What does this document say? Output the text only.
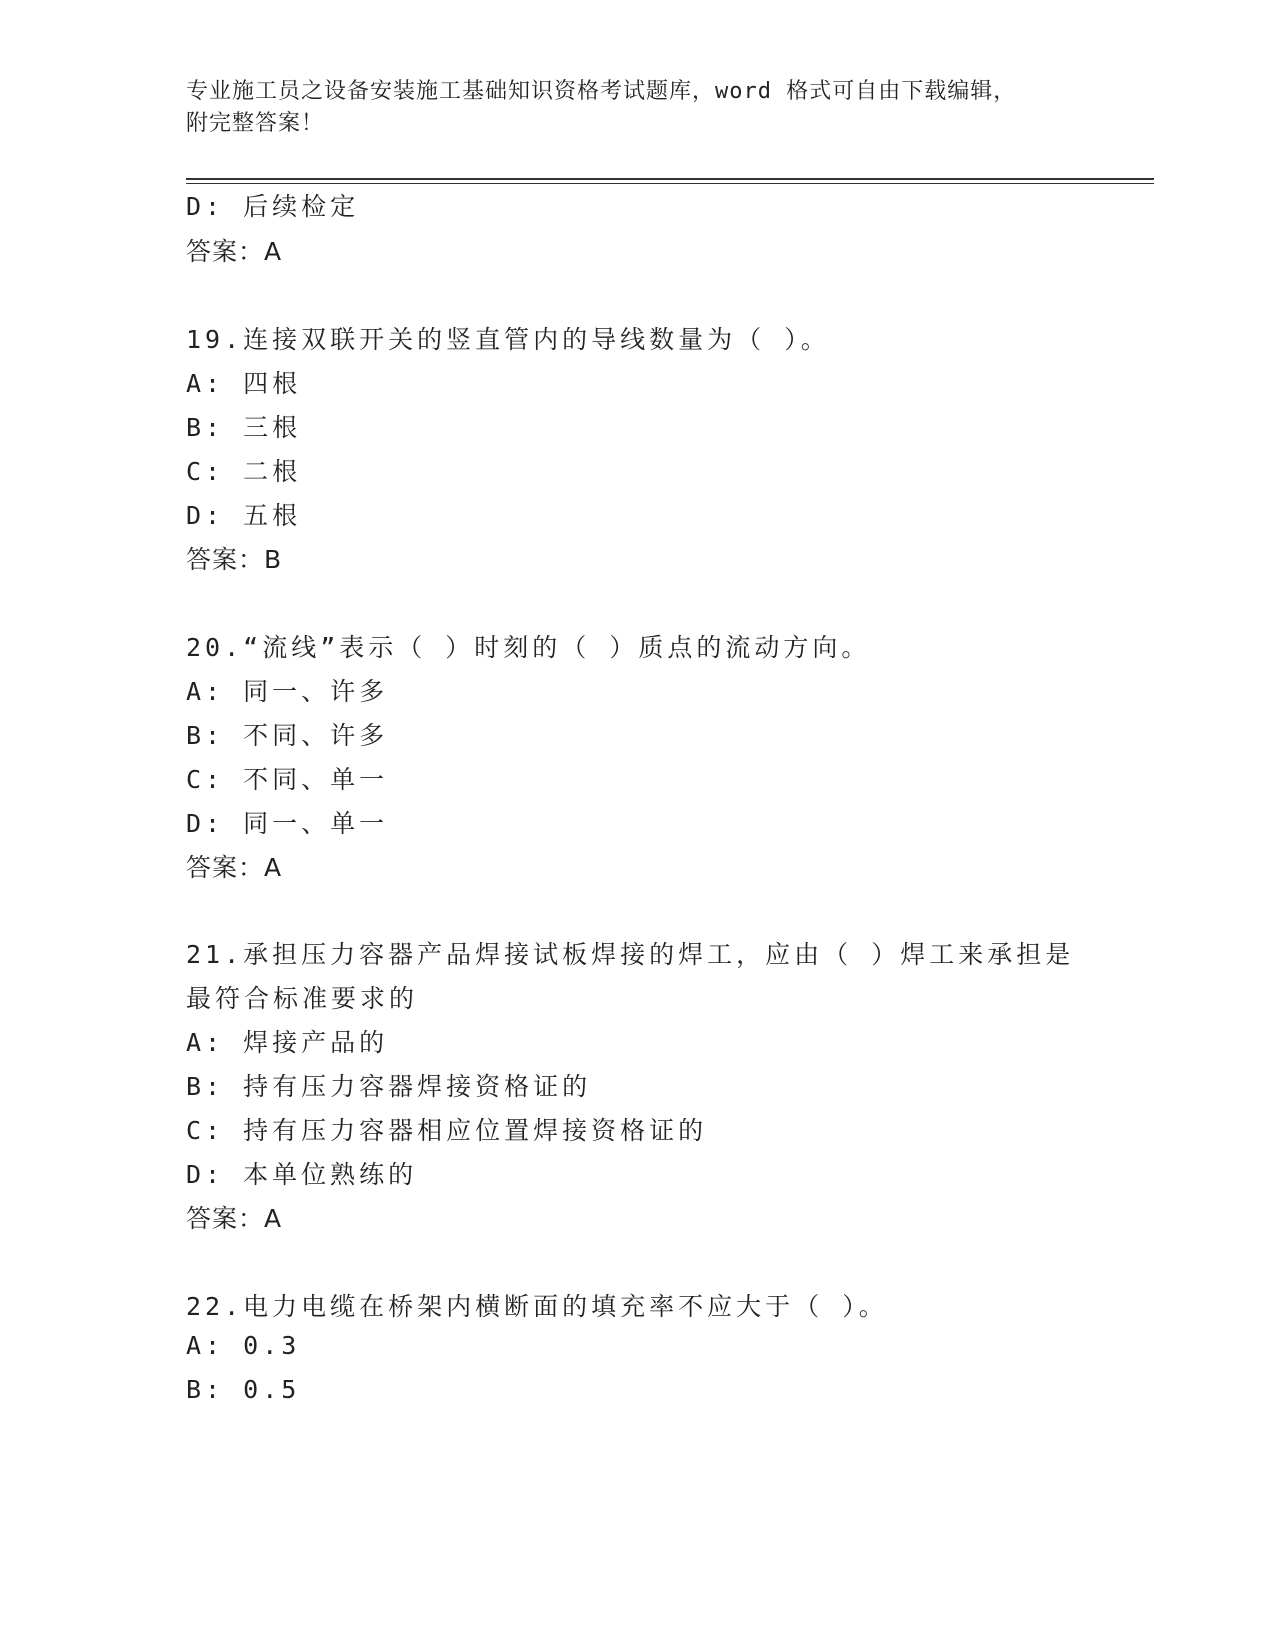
专业施工员之设备安装施工基础知识资格考试题库，word 格式可自由下载编辑，
附完整答案！
D: 后续检定
答案：A
19.连接双联开关的竖直管内的导线数量为（ ）。
A: 四根
B: 三根
C: 二根
D: 五根
答案：B
20.“流线”表示（ ）时刻的（ ）质点的流动方向。
A: 同一、许多
B: 不同、许多
C: 不同、单一
D: 同一、单一
答案：A
21.承担压力容器产品焊接试板焊接的焊工，应由（ ）焊工来承担是
最符合标准要求的
A: 焊接产品的
B: 持有压力容器焊接资格证的
C: 持有压力容器相应位置焊接资格证的
D: 本单位熟练的
答案：A
22.电力电缆在桥架内横断面的填充率不应大于（ ）。
A: 0.3
B: 0.5
